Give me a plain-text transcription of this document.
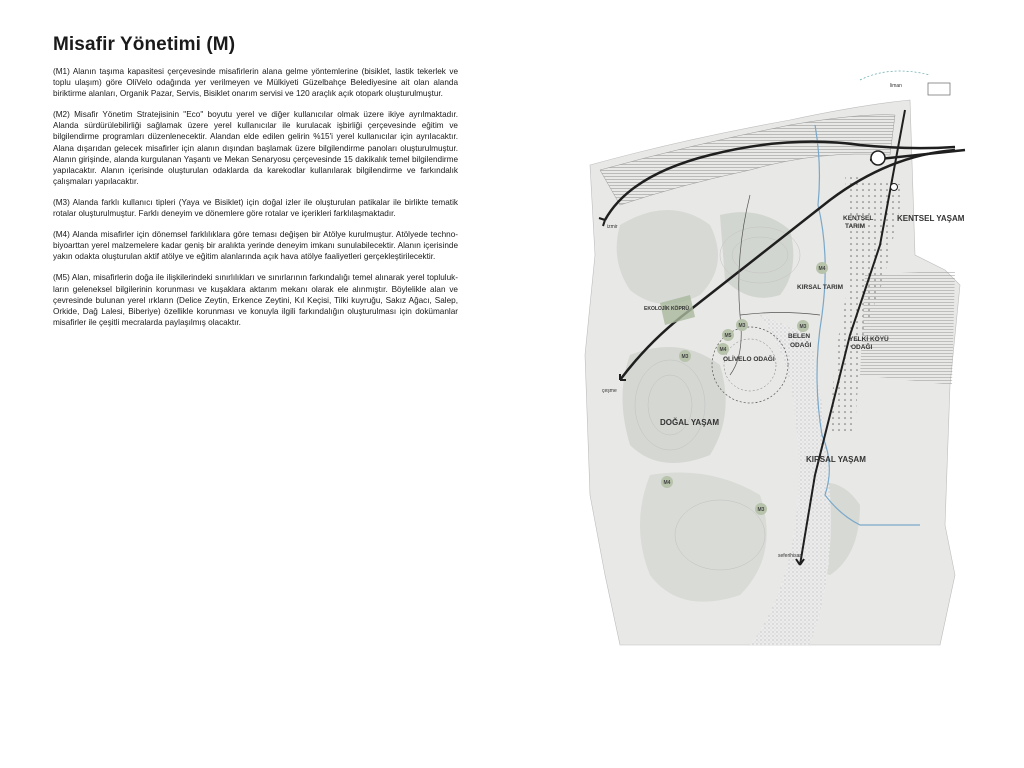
Misafir Yönetimi (M)

(M1) Alanın taşıma kapasitesi çerçevesinde misafirlerin alana gelme yöntemlerine (bisiklet, lastik tekerlek ve toplu ulaşım) göre OliVelo odağında yer verilmeyen ve Mülkiyeti Güzelbahçe Belediyesine ait olan alanda biriktirme alanları, Organik Pazar, Servis, Bisiklet onarım servisi ve 120 araçlık açık otopark oluşturulmuştur.

(M2) Misafir Yönetim Stratejisinin "Eco" boyutu yerel ve diğer kullanıcılar olmak üzere ikiye ayrılmaktadır. Alanda sürdürülebilirliği sağlamak üzere yerel kullanıcılar ile kurulacak işbirliği çerçevesinde eğitim ve bilgilendirme programları düzenlenecektir. Alandan elde edilen gelirin %15'i yerel kullanıcılar için ayrılacaktır. Alana dışarıdan gelecek misafirler için alanın dışından başlamak üzere bilgilendirme panoları oluşturulmuştur. Alanın girişinde, alanda kurgulanan Yaşantı ve Mekan Senaryosu çerçevesinde 15 dakikalık temel bilgilendirme yapılacaktır. Alanın içerisinde oluşturulan odaklarda da karekodlar kullanılarak bilgilendirme ve farkındalık çalışmaları yapılacaktır.

(M3) Alanda farklı kullanıcı tipleri (Yaya ve Bisiklet) için doğal izler ile oluşturulan patikalar ile birlikte tematik rotalar oluşturulmuştur. Farklı deneyim ve dönemlere göre rotalar ve içerikleri farklılaşmaktadır.

(M4) Alanda misafirler için dönemsel farklılıklara göre teması değişen bir Atölye kurulmuştur. Atölyede techno-biyoarttan yerel malzemelere kadar geniş bir aralıkta yerinde deneyim imkanı sunulabilecektir. Alanın içerisinde yakın odakta oluşturulan aktif atölye ve eğitim alanlarında açık hava atölye faaliyetleri gerçekleştirilecektir.

(M5) Alan, misafirlerin doğa ile ilişkilerindeki sınırlılıkları ve sınırlarının farkındalığı temel alınarak yerel toplulukların geleneksel bilgilerinin korunması ve kuşaklara aktarım mekanı olarak ele alınmıştır. Böylelikle alan ve çevresinde bulunan yerel ırkların (Delice Zeytin, Erkence Zeytini, Kıl Keçisi, Tilki kuyruğu, Sakız Ağacı, Salep, Orkide, Dağ Lalesi, Biberiye) özellikle korunması ve konuyla ilgili farkındalığın oluşturulması için dokümanlar misafirler ile çeşitli mecralarda paylaşılmış olacaktır.

M4
M3
M5
M4
M3
M3
M4
M3
liman
izmir
çeşme
seferihisar
KENTSEL
TARIM
KENTSEL YAŞAM
KIRSAL TARIM
BELEN
ODAĞI
YELKİ KÖYÜ
ODAĞI
OLİVELO ODAĞI
EKOLOJİK KÖPRÜ
DOĞAL YAŞAM
KIRSAL YAŞAM
